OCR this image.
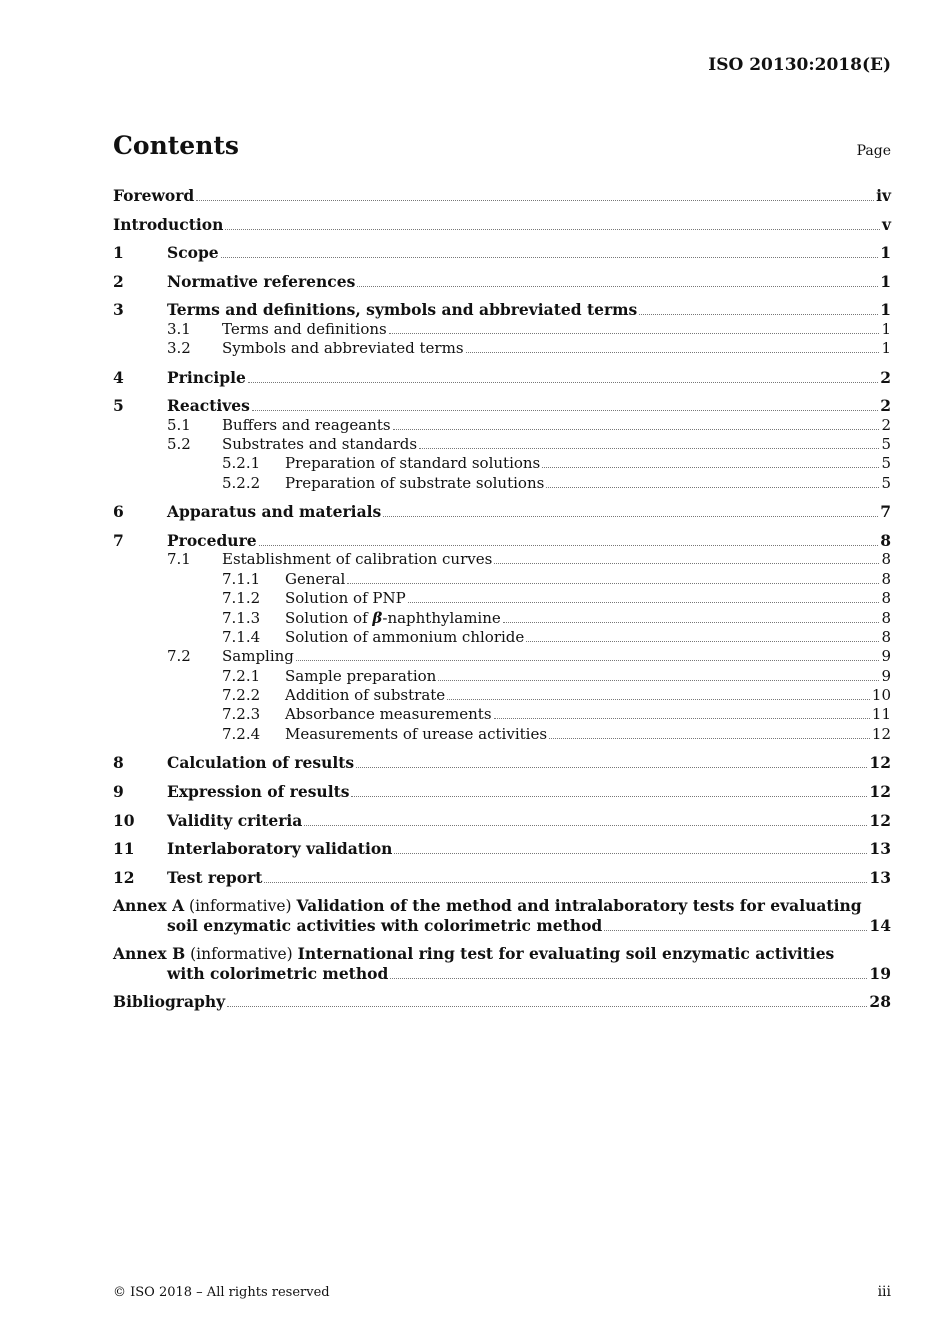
ISO 20130:2018(E)
Contents	Page
Foreword	iv
Introduction	v
1	Scope	1
2	Normative references	1
3	Terms and definitions, symbols and abbreviated terms	1
3.1	Terms and definitions	1
3.2	Symbols and abbreviated terms	1
4	Principle	2
5	Reactives	2
5.1	Buffers and reageants	2
5.2	Substrates and standards	5
5.2.1	Preparation of standard solutions	5
5.2.2	Preparation of substrate solutions	5
6	Apparatus and materials	7
7	Procedure	8
7.1	Establishment of calibration curves	8
7.1.1	General	8
7.1.2	Solution of PNP	8
7.1.3	Solution of β-naphthylamine	8
7.1.4	Solution of ammonium chloride	8
7.2	Sampling	9
7.2.1	Sample preparation	9
7.2.2	Addition of substrate	10
7.2.3	Absorbance measurements	11
7.2.4	Measurements of urease activities	12
8	Calculation of results	12
9	Expression of results	12
10	Validity criteria	12
11	Interlaboratory validation	13
12	Test report	13
Annex A (informative) Validation of the method and intralaboratory tests for evaluating
soil enzymatic activities with colorimetric method	14
Annex B (informative) International ring test for evaluating soil enzymatic activities
with colorimetric method	19
Bibliography	28
© ISO 2018 – All rights reserved	iii
